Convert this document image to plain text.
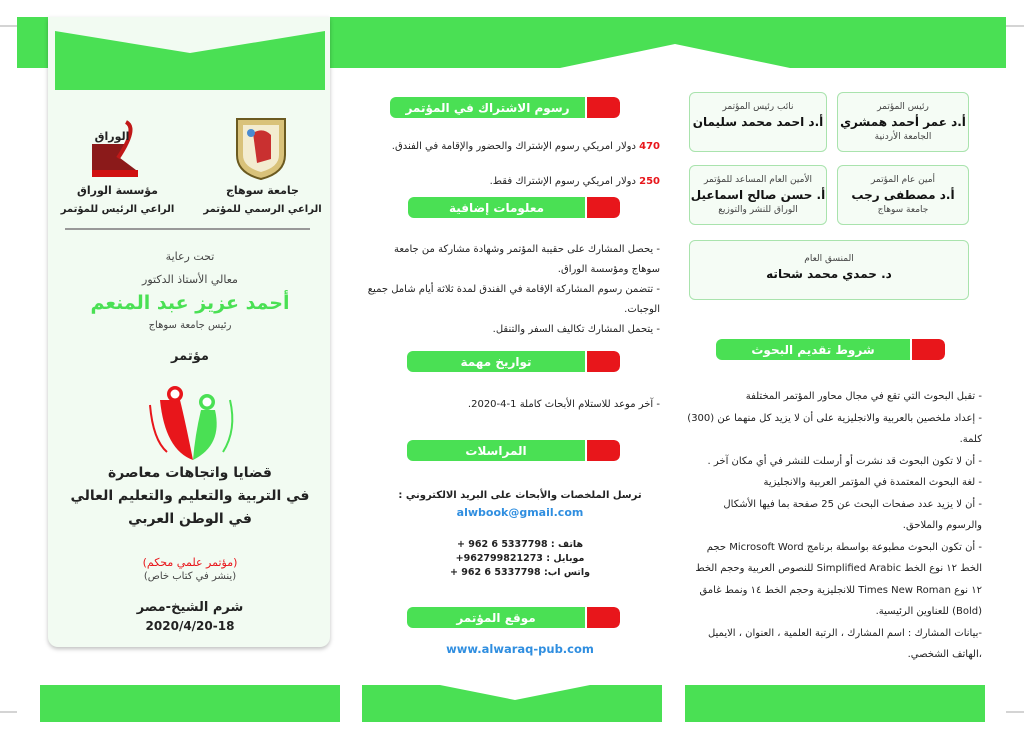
الوراق
جامعة سوهاج
الراعي الرسمي للمؤتمر
مؤسسة الوراق
الراعي الرئيس للمؤتمر
تحت رعاية
معالي الأستاذ الدكتور
أحمد عزيز عبد المنعم
رئيس جامعة سوهاج
مؤتمر
قضايا واتجاهات معاصرة
في التربية والتعليم والتعليم العالي
في الوطن العربي
(مؤتمر علمي محكم)
(ينشر في كتاب خاص)
شرم الشيخ-مصر
2020/4/20-18
رسوم الاشتراك في المؤتمر
470 دولار امريكي رسوم الإشتراك والحضور والإقامة في الفندق.
250 دولار امريكي رسوم الإشتراك فقط.
معلومات إضافية
- يحصل المشارك على حقيبة المؤتمر وشهادة مشاركة من جامعة سوهاج ومؤسسة الوراق.
- تتضمن رسوم المشاركة الإقامة في الفندق لمدة ثلاثة أيام شامل جميع الوجبات.
- يتحمل المشارك تكاليف السفر والتنقل.
تواريخ مهمة
- آخر موعد للاستلام الأبحاث كاملة 1-4-2020.
المراسلات
ترسل الملخصات والأبحاث على البريد الالكتروني :
alwbook@gmail.com
هاتف : 5337798 6 962 +
موبايل : 962799821273+
واتس اب: 5337798 6 962 +
موقع المؤتمر
www.alwaraq-pub.com
رئيس المؤتمر
أ.د عمر أحمد همشري
الجامعة الأردنية
نائب رئيس المؤتمر
أ.د احمد محمد سليمان
أمين عام المؤتمر
أ.د مصطفى رجب
جامعة سوهاج
الأمين العام المساعد للمؤتمر
أ. حسن صالح اسماعيل
الوراق للنشر والتوزيع
المنسق العام
د. حمدي محمد شحاته
شروط تقديم البحوث
- تقبل البحوث التي تقع في مجال محاور المؤتمر المختلفة
- إعداد ملخصين بالعربية والانجليزية على أن لا يزيد كل منهما عن (300) كلمة.
- أن لا تكون البحوث قد نشرت أو أرسلت للنشر في أي مكان آخر .
- لغة البحوث المعتمدة في المؤتمر العربية والانجليزية
- أن لا يزيد عدد صفحات البحث عن 25 صفحة بما فيها الأشكال والرسوم والملاحق.
- أن تكون البحوث مطبوعة بواسطة برنامج Microsoft Word حجم الخط ١٢ نوع الخط Simplified Arabic للنصوص العربية وحجم الخط ١٢ نوع Times New Roman للانجليزية وحجم الخط ١٤ ونمط غامق (Bold) للعناوين الرئيسية.
-بيانات المشارك : اسم المشارك ، الرتبة العلمية ، العنوان ، الايميل ،الهاتف الشخصي.
